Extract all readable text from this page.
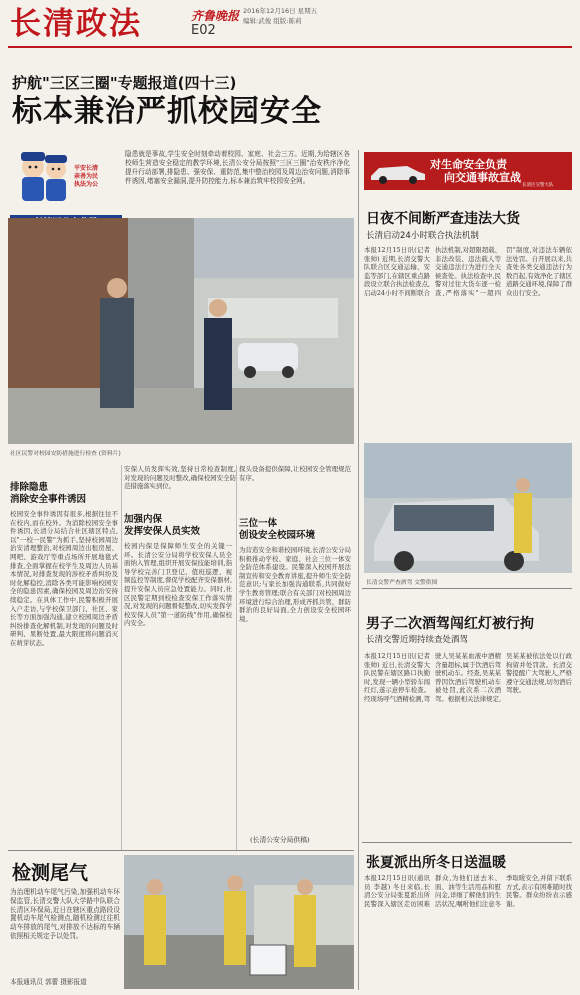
长清政法	齐鲁晚报
E02
2016年12月16日 星期五
编辑:武俊 组版:陈莉
护航"三区三圈"专题报道(四十三)
标本兼治严抓校园安全
平安长清
亲善为民
执法为公
隐患就是事故,学生安全时刻牵动着校园、家庭、社会三方。近期,为给辖区各校师生营造安全稳定的教学环境,长清公安分局按照"三区三圈"治安秩序净化提升行动部署,排隐患、强安保、重防范,集中整治校园及周边治安问题,消除事件诱因,堵塞安全漏洞,提升防控能力,标本兼治筑牢校园安全网。
社区民警对校园安防措施进行检查 (资料片)
排除隐患
消除安全事件诱因
校园安全事件诱因有很多,根据往往不在校内,而在校外。为消除校园安全事件诱因,长清分局结合社区辖区特点,以"一校一民警"为抓手,坚持校园周边治安清理整治,对校园周边出租房屋、网吧、游戏厅等重点场所开展地毯式排查,全面掌握在校学生及周边人员基本情况,对排查发现的涉校矛盾纠纷及时化解稳控,消除各类可能影响校园安全的隐患因素,确保校园及周边治安持续稳定。在具体工作中,民警积极开展入户走访,与学校保卫部门、社区、家长等方面加强沟通,建立校园周边矛盾纠纷排查化解机制,对发现的问题及时研判、果断处置,最大限度将问题消灭在萌芽状态。
安保人员发挥实效,坚持日常检查制度,对发现的问题及时整改,确保校园安全防范措施落实到位。
加强内保
发挥安保人员实效
校园内保是保障师生安全的关键一环。长清公安分局将学校安保人员全面纳入管理,组织开展安保技能培训,指导学校完善门卫登记、值班巡逻、视频监控等制度,督促学校配齐安保器材,提升安保人员应急处置能力。同时,社区民警定期到校检查安保工作落实情况,对发现的问题督促整改,切实发挥学校安保人员"第一道防线"作用,确保校内安全。
探头设备提供保障,让校园安全管理规范有序。
三位一体
创设安全校园环境
为营造安全和谐校园环境,长清公安分局积极推动学校、家庭、社会三位一体安全防范体系建设。民警深入校园开展法制宣传和安全教育讲座,提升师生安全防范意识;与家长加强沟通联系,共同做好学生教育管理;联合有关部门对校园周边环境进行综合治理,形成齐抓共管、群防群治的良好局面,全力创设安全校园环境。
(长清公安分局供稿)
检测尾气
为治理机动车尾气污染,加强机动车环保监管,长清交警大队大学路中队联合长清区环保局,近日在辖区重点路段设置机动车尾气检测点,随机检测过往机动车排放的尾气,对排放不达标的车辆依照相关规定予以处罚。
本报通讯员 郭蕾 摄影报道
对生命安全负责
向交通事故宣战
长清区交警大队
日夜不间断严查违法大货
长清启动24小时联合执法机制
本报12月15日讯(记者 张帅) 近期,长清交警大队联合区交通运输、安监等部门,在辖区重点路段设立联合执法检查点,启动24小时不间断联合执法机制,对超限超载、非法改装、违法载人等交通违法行为进行全天候查处。执法检查中,民警对过往大货车逐一检查,严格落实"一超四罚"制度,对违法车辆依法处罚。自开展以来,共查处各类交通违法行为数百起,有效净化了辖区道路交通环境,保障了群众出行安全。
长清交警严查酒驾 交警供图
男子二次酒驾闯红灯被行拘
长清交警近期持续查处酒驾
本报12月15日讯(记者 张帅) 近日,长清交警大队民警在辖区路口执勤时,发现一辆小型轿车闯红灯,遂示意停车检查。经现场呼气酒精检测,驾驶人吴某某血液中酒精含量超标,属于饮酒后驾驶机动车。经查,吴某某曾因饮酒后驾驶机动车被处罚,此次系二次酒驾。根据相关法律规定,吴某某被依法处以行政拘留并处罚款。长清交警提醒广大驾驶人,严格遵守交通法规,切勿酒后驾驶。
张夏派出所冬日送温暖
本报12月15日讯(通讯员 李越) 冬日来临,长清公安分局张夏派出所民警深入辖区走访困难群众,为他们送去米、面、油等生活用品和慰问金,详细了解他们的生活状况,嘱咐他们注意冬季取暖安全,并留下联系方式,表示有困难随时找民警。群众纷纷表示感谢。
